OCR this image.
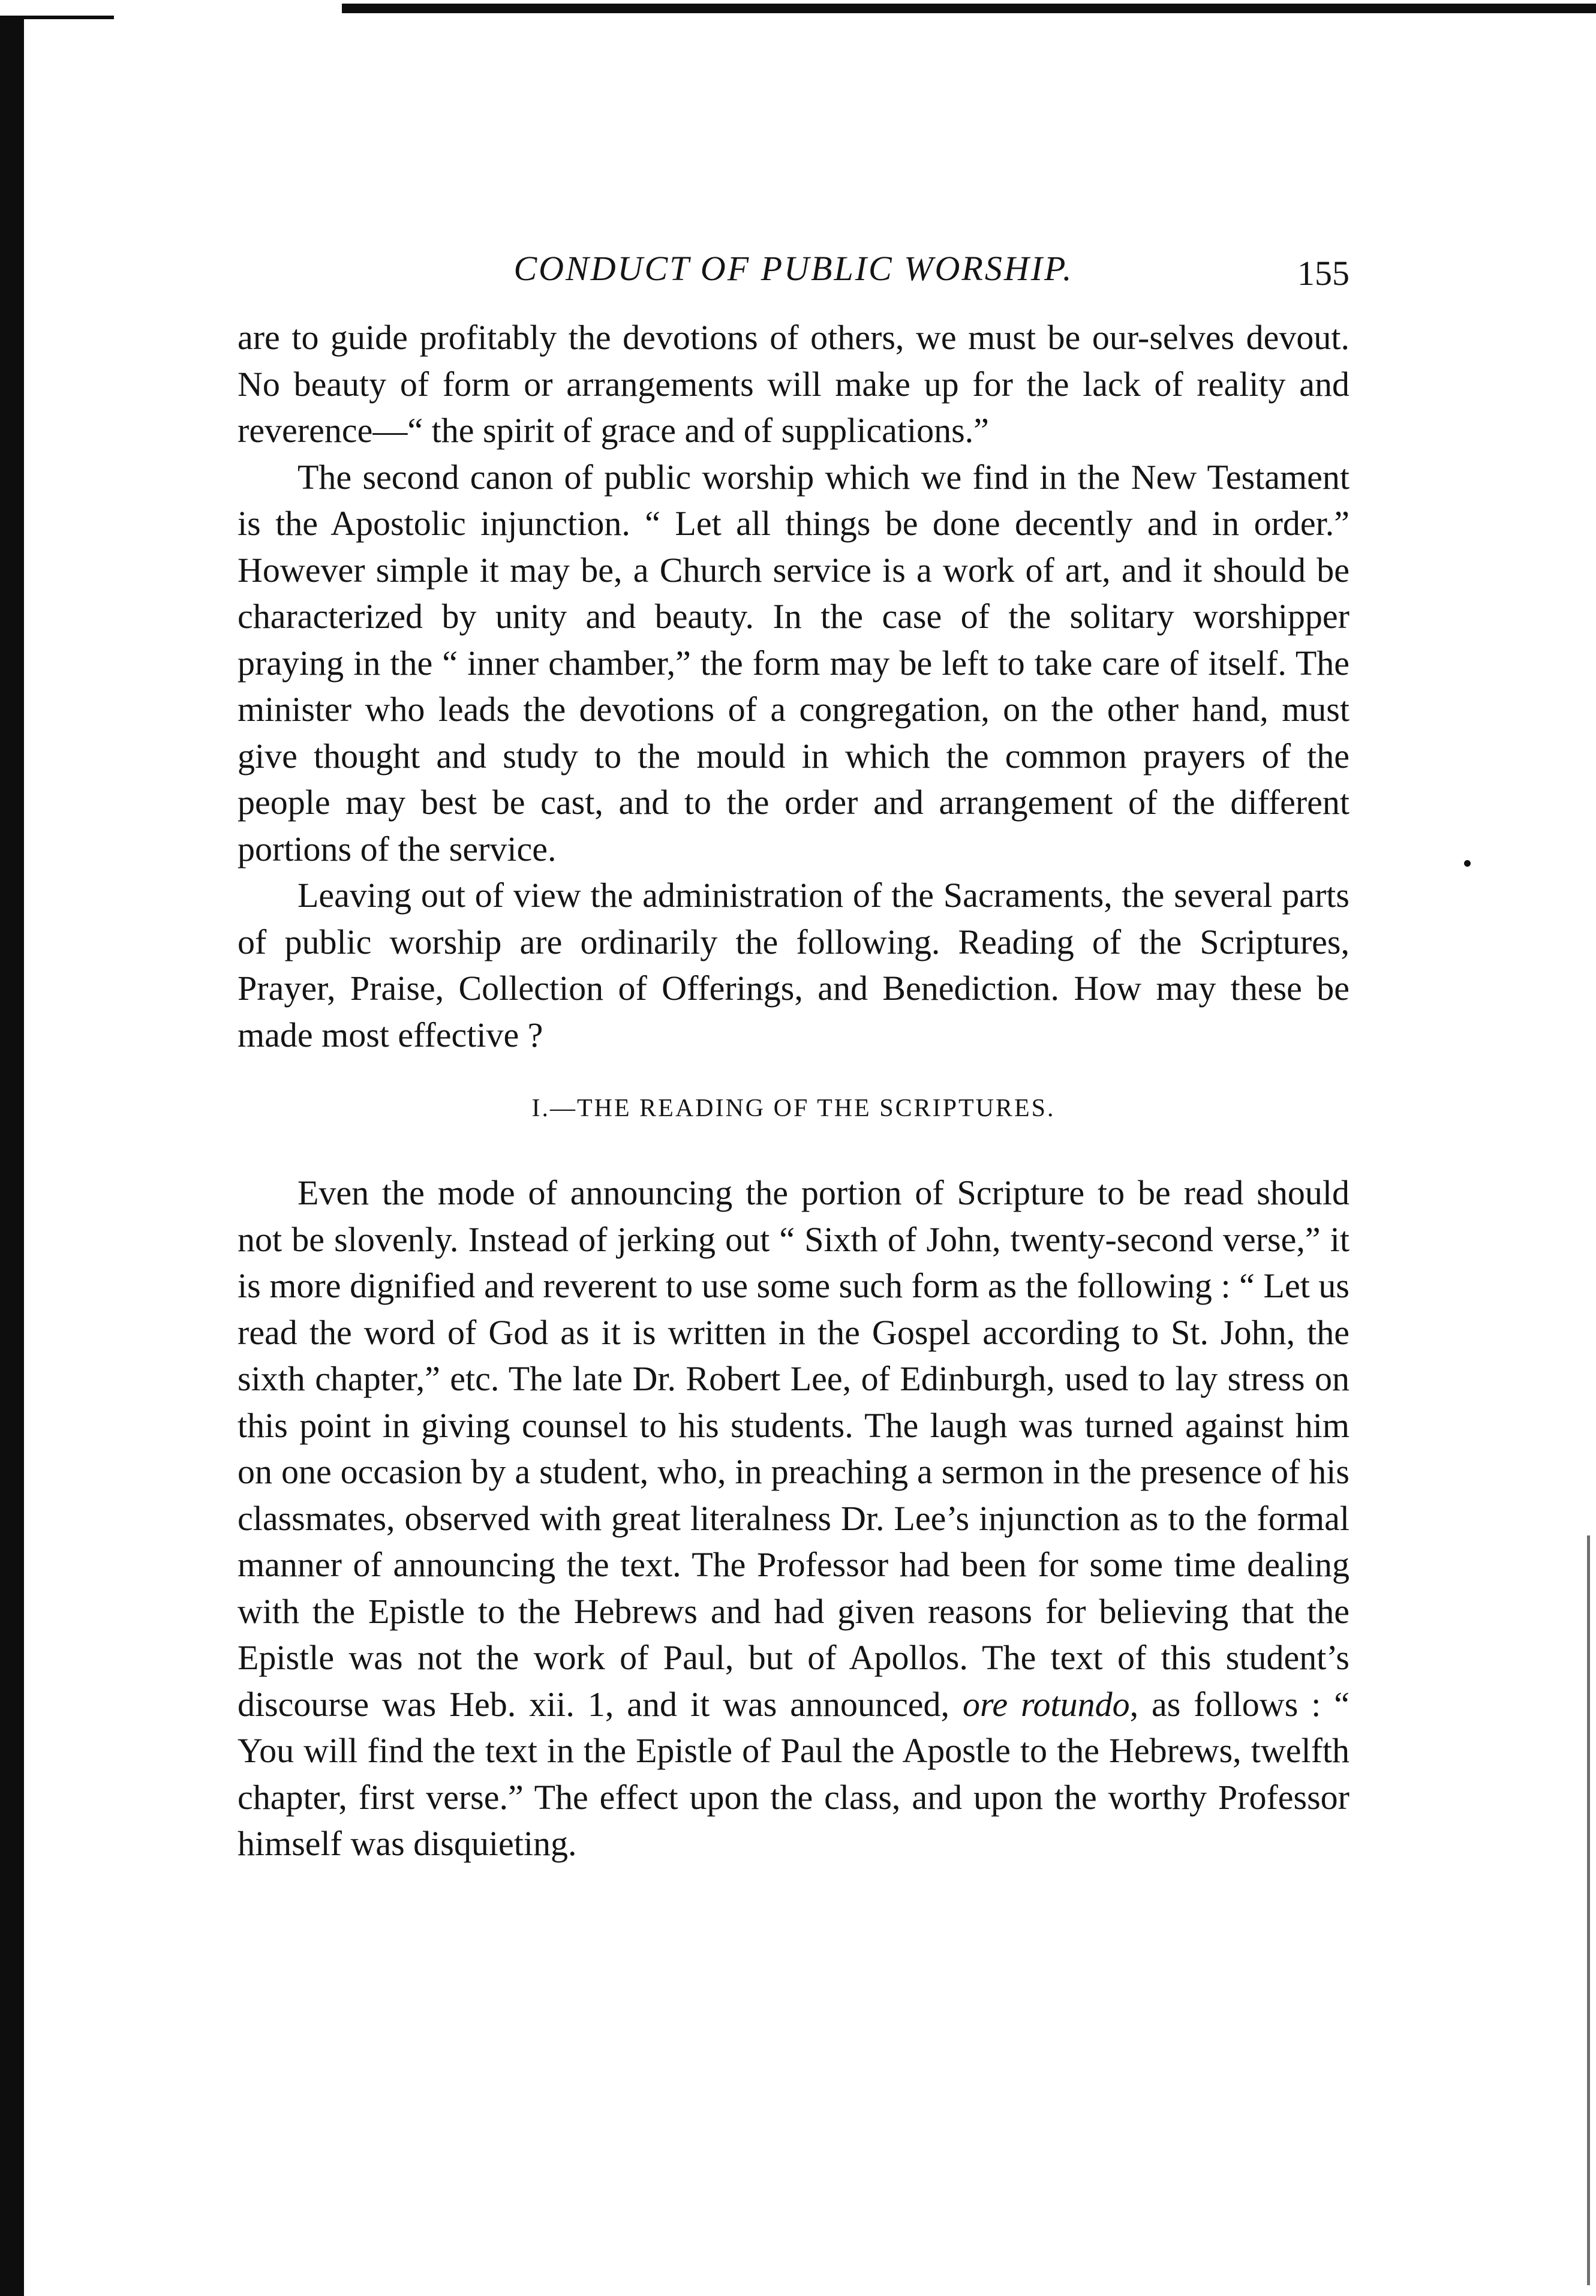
CONDUCT OF PUBLIC WORSHIP.	155

are to guide profitably the devotions of others, we must be our-selves devout. No beauty of form or arrangements will make up for the lack of reality and reverence—“ the spirit of grace and of supplications.”

The second canon of public worship which we find in the New Testament is the Apostolic injunction. “ Let all things be done decently and in order.” However simple it may be, a Church service is a work of art, and it should be characterized by unity and beauty. In the case of the solitary worshipper praying in the “ inner chamber,” the form may be left to take care of itself. The minister who leads the devotions of a congregation, on the other hand, must give thought and study to the mould in which the common prayers of the people may best be cast, and to the order and arrangement of the different portions of the service.

Leaving out of view the administration of the Sacraments, the several parts of public worship are ordinarily the following. Reading of the Scriptures, Prayer, Praise, Collection of Offerings, and Benediction. How may these be made most effective ?

I.—THE READING OF THE SCRIPTURES.

Even the mode of announcing the portion of Scripture to be read should not be slovenly. Instead of jerking out “ Sixth of John, twenty-second verse,” it is more dignified and reverent to use some such form as the following : “ Let us read the word of God as it is written in the Gospel according to St. John, the sixth chapter,” etc. The late Dr. Robert Lee, of Edinburgh, used to lay stress on this point in giving counsel to his students. The laugh was turned against him on one occasion by a student, who, in preaching a sermon in the presence of his classmates, observed with great literalness Dr. Lee’s injunction as to the formal manner of announcing the text. The Professor had been for some time dealing with the Epistle to the Hebrews and had given reasons for believing that the Epistle was not the work of Paul, but of Apollos. The text of this student’s discourse was Heb. xii. 1, and it was announced, ore rotundo, as follows : “ You will find the text in the Epistle of Paul the Apostle to the Hebrews, twelfth chapter, first verse.” The effect upon the class, and upon the worthy Professor himself was disquieting.
